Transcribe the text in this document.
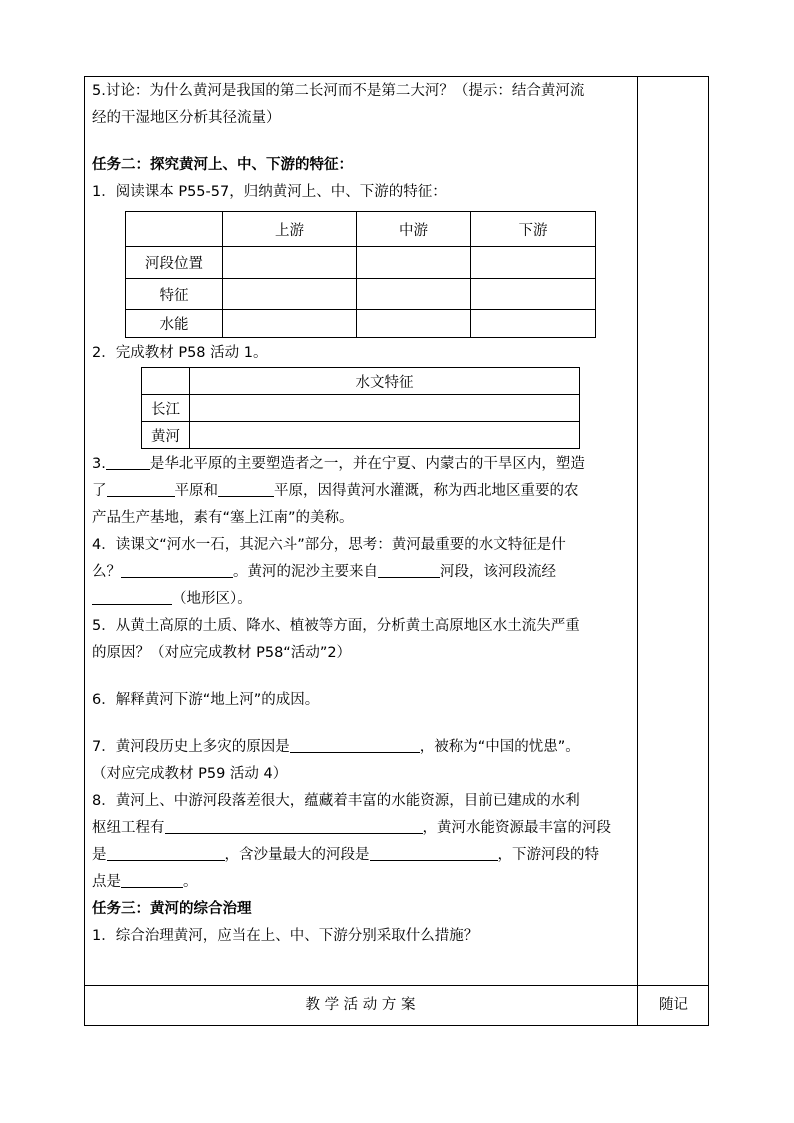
5.讨论：为什么黄河是我国的第二长河而不是第二大河？（提示：结合黄河流

经的干湿地区分析其径流量）

任务二：探究黄河上、中、下游的特征：

1．阅读课本 P55-57，归纳黄河上、中、下游的特征：

	上游	中游	下游
河段位置			
特征			
水能			

2．完成教材 P58 活动 1。

	水文特征
长江	
黄河	

3.	是华北平原的主要塑造者之一，并在宁夏、内蒙古的干旱区内，塑造

了	平原和	平原，因得黄河水灌溉，称为西北地区重要的农

产品生产基地，素有“塞上江南”的美称。

4．读课文“河水一石，其泥六斗”部分，思考：黄河最重要的水文特征是什

么？	。黄河的泥沙主要来自	河段，该河段流经

（地形区）。

5．从黄土高原的土质、降水、植被等方面，分析黄土高原地区水土流失严重

的原因？（对应完成教材 P58“活动”2）

6．解释黄河下游“地上河”的成因。

7．黄河段历史上多灾的原因是	，被称为“中国的忧患”。

（对应完成教材 P59 活动 4）

8．黄河上、中游河段落差很大，蕴藏着丰富的水能资源，目前已建成的水利

枢纽工程有	，黄河水能资源最丰富的河段

是	，含沙量最大的河段是	，下游河段的特

点是	。

任务三：黄河的综合治理

1．综合治理黄河，应当在上、中、下游分别采取什么措施？

教 学 活 动 方 案	随记
